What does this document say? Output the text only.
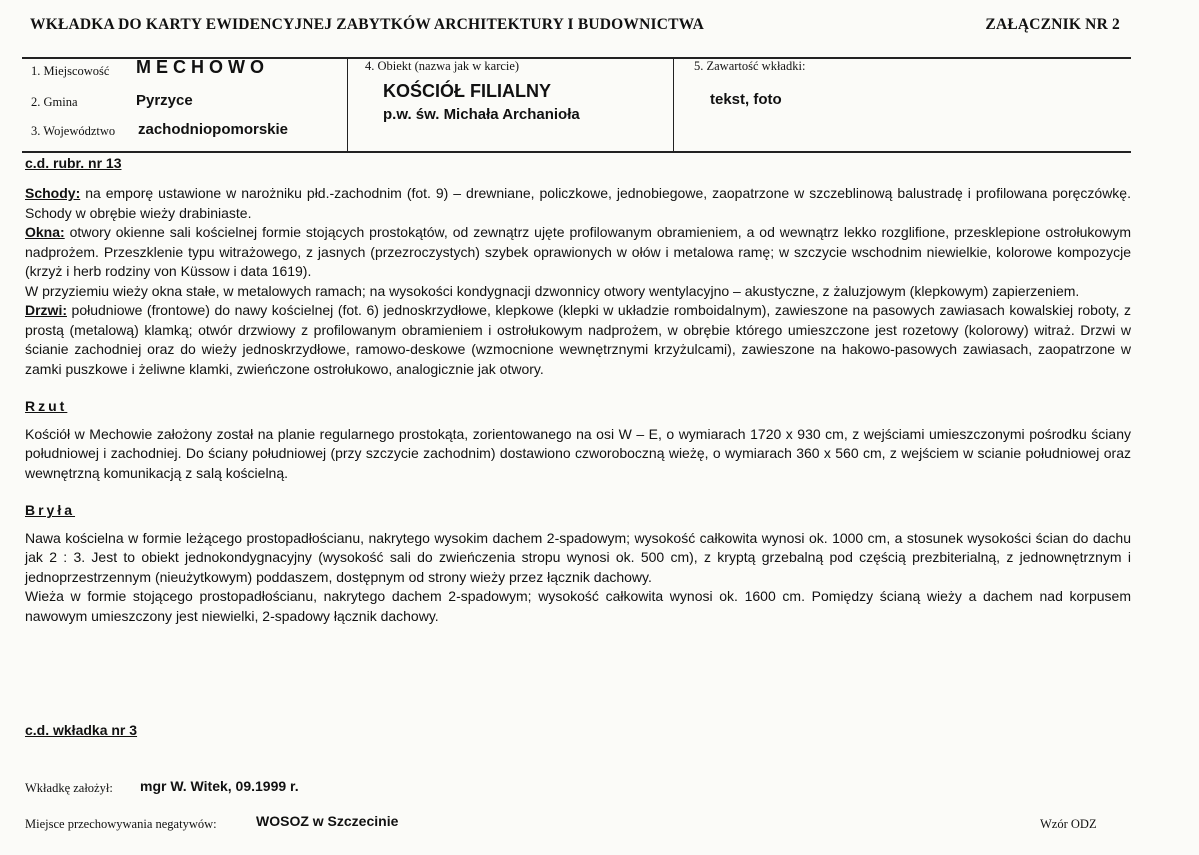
WKŁADKA DO KARTY EWIDENCYJNEJ ZABYTKÓW ARCHITEKTURY I BUDOWNICTWA	ZAŁĄCZNIK NR 2
1. Miejscowość MECHOWO
2. Gmina	Pyrzyce
3. Województwo zachodniopomorskie
4. Obiekt (nazwa jak w karcie)
KOŚCIÓŁ FILIALNY
p.w. św. Michała Archanioła
5. Zawartość wkładki:
tekst, foto
c.d. rubr. nr 13

Schody: na emporę ustawione w narożniku płd.-zachodnim (fot. 9) – drewniane, policzkowe, jednobiegowe, zaopatrzone w szczeblinową balustradę i profilowana poręczówkę. Schody w obrębie wieży drabiniaste.

Okna: otwory okienne sali kościelnej formie stojących prostokątów, od zewnątrz ujęte profilowanym obramieniem, a od wewnątrz lekko rozglifione, przesklepione ostrołukowym nadprożem. Przeszklenie typu witrażowego, z jasnych (przezroczystych) szybek oprawionych w ołów i metalowa ramę; w szczycie wschodnim niewielkie, kolorowe kompozycje (krzyż i herb rodziny von Küssow i data 1619).

W przyziemiu wieży okna stałe, w metalowych ramach; na wysokości kondygnacji dzwonnicy otwory wentylacyjno – akustyczne, z żaluzjowym (klepkowym) zapierzeniem.

Drzwi: południowe (frontowe) do nawy kościelnej (fot. 6) jednoskrzydłowe, klepkowe (klepki w układzie romboidalnym), zawieszone na pasowych zawiasach kowalskiej roboty, z prostą (metalową) klamką; otwór drzwiowy z profilowanym obramieniem i ostrołukowym nadprożem, w obrębie którego umieszczone jest rozetowy (kolorowy) witraż. Drzwi w ścianie zachodniej oraz do wieży jednoskrzydłowe, ramowo-deskowe (wzmocnione wewnętrznymi krzyżulcami), zawieszone na hakowo-pasowych zawiasach, zaopatrzone w zamki puszkowe i żeliwne klamki, zwieńczone ostrołukowo, analogicznie jak otwory.

Rzut

Kościół w Mechowie założony został na planie regularnego prostokąta, zorientowanego na osi W – E, o wymiarach 1720 x 930 cm, z wejściami umieszczonymi pośrodku ściany południowej i zachodniej. Do ściany południowej (przy szczycie zachodnim) dostawiono czworoboczną wieżę, o wymiarach 360 x 560 cm, z wejściem w scianie południowej oraz wewnętrzną komunikacją z salą kościelną.

Bryła

Nawa kościelna w formie leżącego prostopadłościanu, nakrytego wysokim dachem 2-spadowym; wysokość całkowita wynosi ok. 1000 cm, a stosunek wysokości ścian do dachu jak 2 : 3. Jest to obiekt jednokondygnacyjny (wysokość sali do zwieńczenia stropu wynosi ok. 500 cm), z kryptą grzebalną pod częścią prezbiterialną, z jednownętrznym i jednoprzestrzennym (nieużytkowym) poddaszem, dostępnym od strony wieży przez łącznik dachowy.

Wieża w formie stojącego prostopadłościanu, nakrytego dachem 2-spadowym; wysokość całkowita wynosi ok. 1600 cm. Pomiędzy ścianą wieży a dachem nad korpusem nawowym umieszczony jest niewielki, 2-spadowy łącznik dachowy.

c.d. wkładka nr 3
Wkładkę założył: mgr W. Witek, 09.1999 r.
Miejsce przechowywania negatywów:	WOSOZ w Szczecinie	Wzór ODZ
